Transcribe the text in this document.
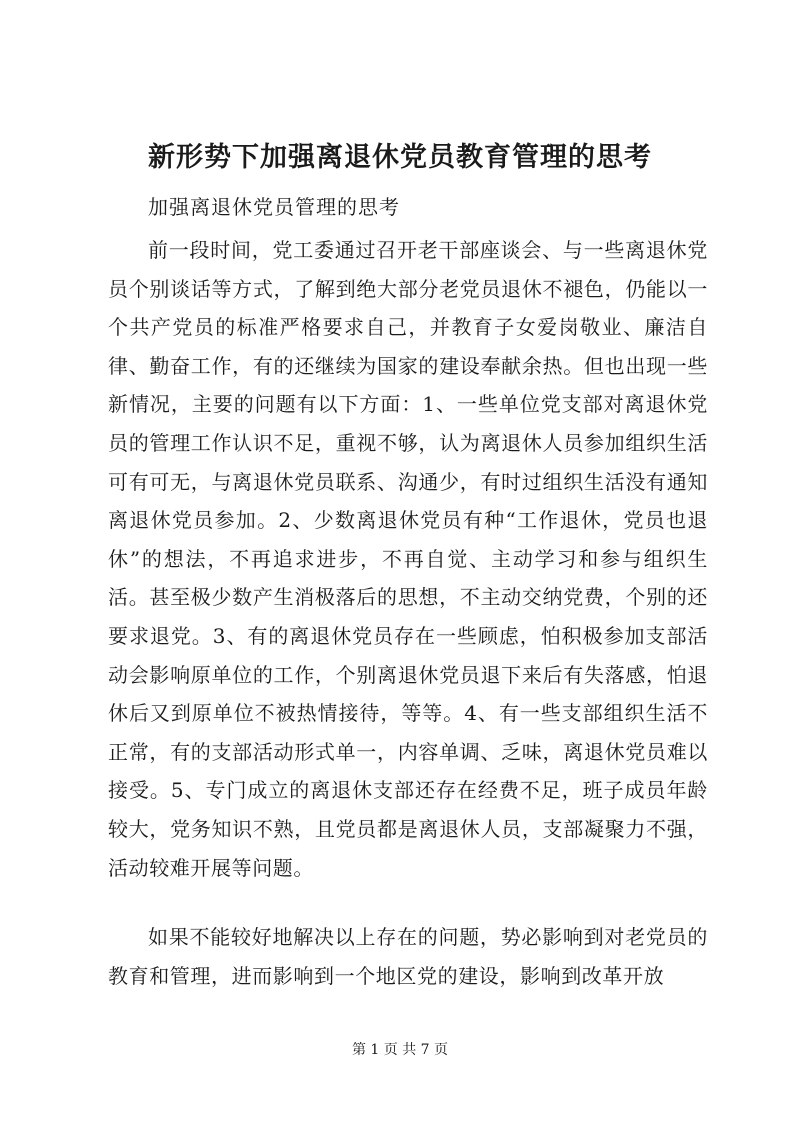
新形势下加强离退休党员教育管理的思考

加强离退休党员管理的思考

前一段时间，党工委通过召开老干部座谈会、与一些离退休党员个别谈话等方式，了解到绝大部分老党员退休不褪色，仍能以一个共产党员的标准严格要求自己，并教育子女爱岗敬业、廉洁自律、勤奋工作，有的还继续为国家的建设奉献余热。但也出现一些新情况，主要的问题有以下方面：1、一些单位党支部对离退休党员的管理工作认识不足，重视不够，认为离退休人员参加组织生活可有可无，与离退休党员联系、沟通少，有时过组织生活没有通知离退休党员参加。2、少数离退休党员有种“工作退休，党员也退休”的想法，不再追求进步，不再自觉、主动学习和参与组织生活。甚至极少数产生消极落后的思想，不主动交纳党费，个别的还要求退党。3、有的离退休党员存在一些顾虑，怕积极参加支部活动会影响原单位的工作，个别离退休党员退下来后有失落感，怕退休后又到原单位不被热情接待，等等。4、有一些支部组织生活不正常，有的支部活动形式单一，内容单调、乏味，离退休党员难以接受。5、专门成立的离退休支部还存在经费不足，班子成员年龄较大，党务知识不熟，且党员都是离退休人员，支部凝聚力不强，活动较难开展等问题。

如果不能较好地解决以上存在的问题，势必影响到对老党员的教育和管理，进而影响到一个地区党的建设，影响到改革开放

第 1 页 共 7 页
